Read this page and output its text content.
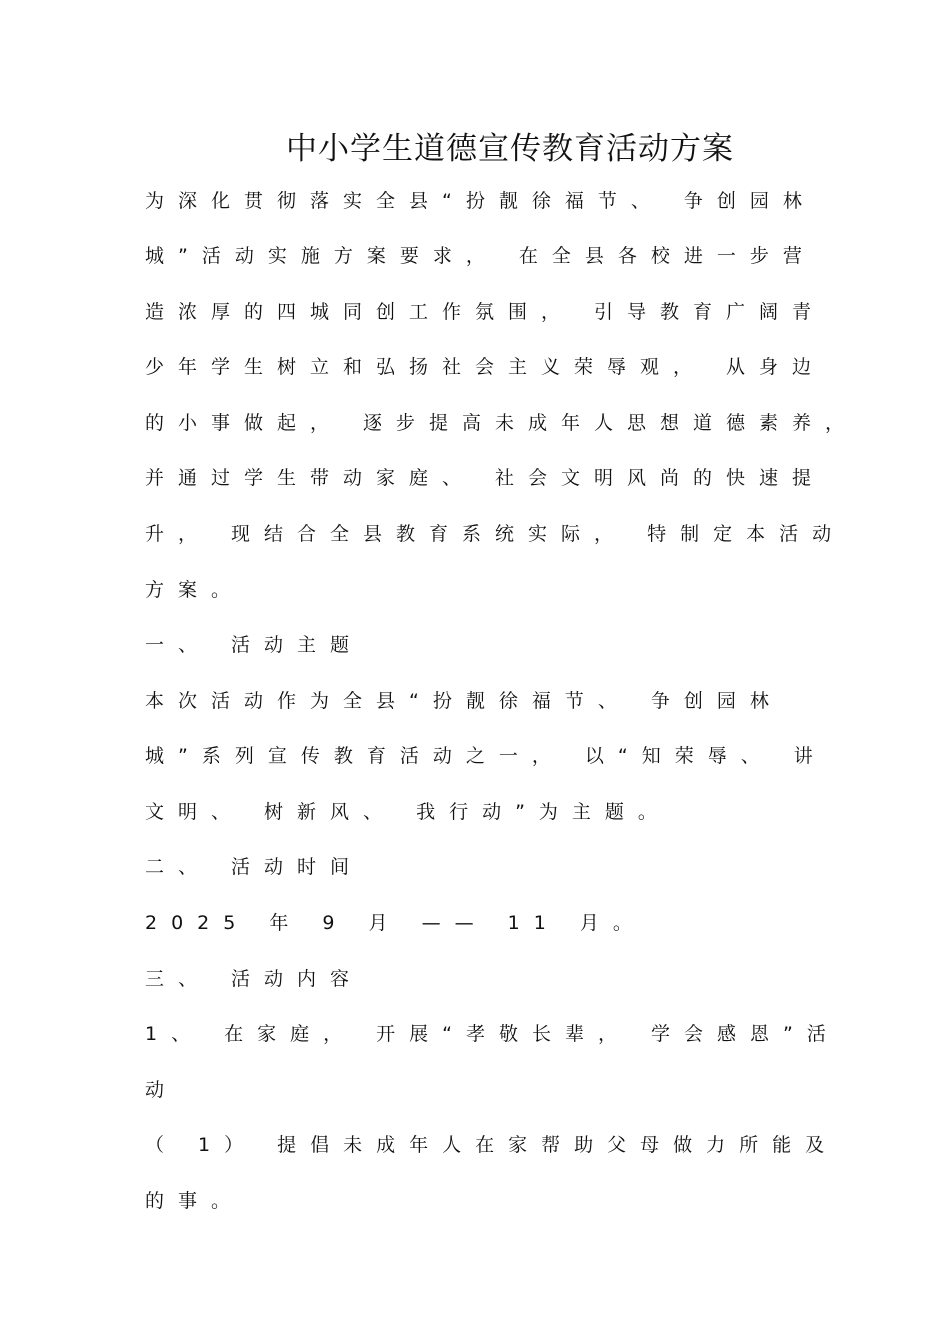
中小学生道德宣传教育活动方案
为深化贯彻落实全县“扮靓徐福节、 争创园林
城”活动实施方案要求， 在全县各校进一步营
造浓厚的四城同创工作氛围， 引导教育广阔青
少年学生树立和弘扬社会主义荣辱观， 从身边
的小事做起， 逐步提高未成年人思想道德素养，
并通过学生带动家庭、 社会文明风尚的快速提
升， 现结合全县教育系统实际， 特制定本活动
方案。
一、 活动主题
本次活动作为全县“扮靓徐福节、 争创园林
城”系列宣传教育活动之一， 以“知荣辱、 讲
文明、 树新风、 我行动”为主题。
二、 活动时间
2025 年 9 月 —— 11 月。
三、 活动内容
1、 在家庭， 开展“孝敬长辈， 学会感恩”活
动
（ 1） 提倡未成年人在家帮助父母做力所能及
的事。
